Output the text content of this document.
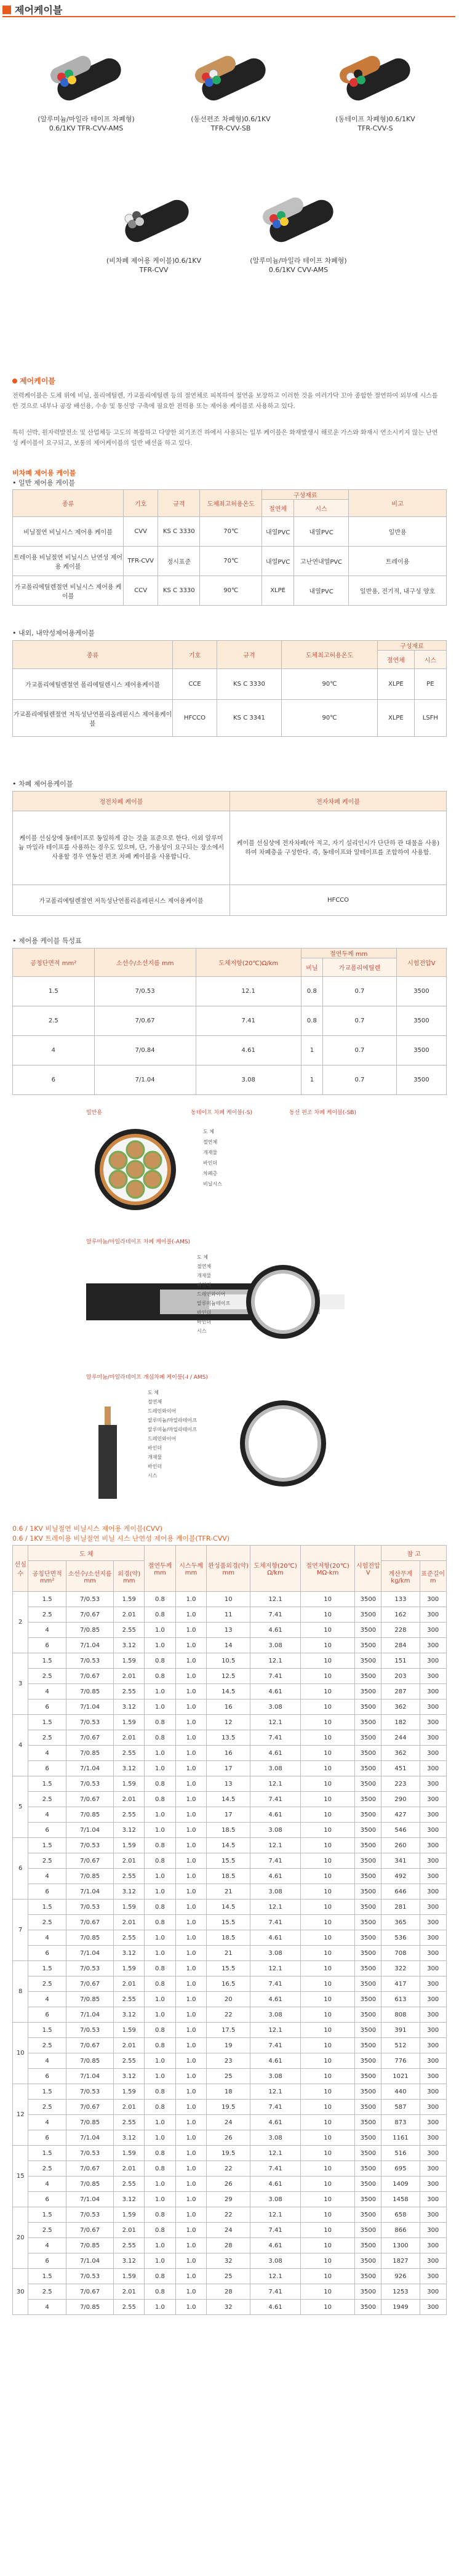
제어케이블
(알루미늄/마일라 테이프 차폐형)
0.6/1KV TFR-CVV-AMS
(동선편조 차폐형)0.6/1KV
TFR-CVV-SB
(동테이프 차폐형)0.6/1KV
TFR-CVV-S
(비차폐 제어용 케이블)0.6/1KV
TFR-CVV
(알루미늄/마일라 테이프 차폐형)
0.6/1KV CVV-AMS
제어케이블
전력케이블은 도체 위에 비닐, 폴리에틸렌, 가교폴리에틸렌 등의 절연체로 피복하여 절연을 보장하고 이러한 것을 여러가닥 꼬아 종합한 절연하여 외부에 시스를 한 것으로 내부나 공장 배선용, 수송 및 통신망 구축에 필요한 전력용 또는 제어용 케이블로 사용하고 있다.
특히 선박, 원자력발전소 및 산업체등 고도의 복잡하고 다양한 외기조건 하에서 사용되는 일부 케이블은 화재발생시 해로운 가스와 화재시 연소시키지 않는 난연성 케이블이 요구되고, 보통의 제어케이블의 일반 배선을 하고 있다.
비차폐 제어용 케이블
• 일반 제어용 케이블
종류	기호	규격	도체최고허용온도	구성재료		비고
				절연체	시스	
비닐절연 비닐시스 제어용 케이블	CVV	KS C 3330	70℃	내열PVC	내열PVC	일반용
트레이용 비닐절연 비닐시스 난연성 제어용 케이블	TFR-CVV	정시표준	70℃	내열PVC	고난연내열PVC	트레이용
가교폴리에틸렌절연 비닐시스 제어용 케이블	CCV	KS C 3330	90℃	XLPE	내열PVC	일반용, 전기적, 내구성 양호
• 내외, 내약성제어용케이블
종류	기호	규격	도체최고허용온도	구성재료	
				절연체	시스
가교폴리에틸렌절연 폴리에틸렌시스 제어용케이블	CCE	KS C 3330	90℃	XLPE	PE
가교폴리에틸렌절연 저독성난연폴리올레핀시스 제어용케이블	HFCCO	KS C 3341	90℃	XLPE	LSFH
• 차폐 제어용케이블
정전차폐 케이블	전자차폐 케이블
케이블 선심상에 동테이프로 동일하게 감는 것을 표준으로 한다. 이외 알루미늄 마일라 테이프를 사용하는 경우도 있으며, 단, 가용성이 요구되는 장소에서 사용할 경우 연동선 편조 차폐 케이블을 사용합니다.	케이블 선심상에 전자차폐(아 적고, 자기 설리인시가 단단하 관 대물을 사용)하여 차폐층을 구성한다. 즉, 동테이프와 알테이프를 조합하여 사용함.
가교폴리에틸렌절연 저독성난연폴리올레핀시스 제어용케이블	HFCCO
• 제어용 케이블 특성표
공칭단면적 mm²	소선수/소선지름 mm	도체저항(20℃)Ω/km	절연두께 mm		시험전압V
			비닐	가교폴리에틸렌	
1.5	7/0.53	12.1	0.8	0.7	3500
2.5	7/0.67	7.41	0.8	0.7	3500
4	7/0.84	4.61	1	0.7	3500
6	7/1.04	3.08	1	0.7	3500
일반용	동테이프 차폐 케이블(-S)	동선 편조 차폐 케이블(-SB)
도 체
절연체
개재물
바인더
차폐층
비닐시스
알루미늄/마일라테이프 차폐 케이블(-AMS)
도 체
절연체
개재물
바인더
드레인와이어
알루미늄테이프
바인더
바인더
시스
알루미늄/마일라테이프 개심차폐 케이블(-I / AMS)
도 체
절연체
드레인와이어
알루미늄/마일라테이프
알루미늄/마일라테이프
드레인와이어
바인더
개재물
바인더
시스
0.6 / 1KV 비닐절연 비닐시스 제어용 케이블(CVV)
0.6 / 1KV 트레이용 비닐절연 비닐 시스 난연성 제어용 케이블(TFR-CVV)
선심수	도 체			절연두께 mm	시스두께 mm	완성품외경(약) mm	도체저항(20℃) Ω/km	절연저항(20℃) MΩ-km	시험전압 V	참 고	
	공칭단면적 mm²	소선수/소선지름 mm	외경(약) mm							계산무게 kg/km	표준길이 m
2	1.5	7/0.53	1.59	0.8	1.0	10	12.1	10	3500	133	300
	2.5	7/0.67	2.01	0.8	1.0	11	7.41	10	3500	162	300
	4	7/0.85	2.55	1.0	1.0	13	4.61	10	3500	228	300
	6	7/1.04	3.12	1.0	1.0	14	3.08	10	3500	284	300
3	1.5	7/0.53	1.59	0.8	1.0	10.5	12.1	10	3500	151	300
	2.5	7/0.67	2.01	0.8	1.0	12.5	7.41	10	3500	203	300
	4	7/0.85	2.55	1.0	1.0	14.5	4.61	10	3500	287	300
	6	7/1.04	3.12	1.0	1.0	16	3.08	10	3500	362	300
4	1.5	7/0.53	1.59	0.8	1.0	12	12.1	10	3500	182	300
	2.5	7/0.67	2.01	0.8	1.0	13.5	7.41	10	3500	244	300
	4	7/0.85	2.55	1.0	1.0	16	4.61	10	3500	362	300
	6	7/1.04	3.12	1.0	1.0	17	3.08	10	3500	451	300
5	1.5	7/0.53	1.59	0.8	1.0	13	12.1	10	3500	223	300
	2.5	7/0.67	2.01	0.8	1.0	14.5	7.41	10	3500	290	300
	4	7/0.85	2.55	1.0	1.0	17	4.61	10	3500	427	300
	6	7/1.04	3.12	1.0	1.0	18.5	3.08	10	3500	546	300
6	1.5	7/0.53	1.59	0.8	1.0	14.5	12.1	10	3500	260	300
	2.5	7/0.67	2.01	0.8	1.0	15.5	7.41	10	3500	341	300
	4	7/0.85	2.55	1.0	1.0	18.5	4.61	10	3500	492	300
	6	7/1.04	3.12	1.0	1.0	21	3.08	10	3500	646	300
7	1.5	7/0.53	1.59	0.8	1.0	14.5	12.1	10	3500	281	300
	2.5	7/0.67	2.01	0.8	1.0	15.5	7.41	10	3500	365	300
	4	7/0.85	2.55	1.0	1.0	18.5	4.61	10	3500	536	300
	6	7/1.04	3.12	1.0	1.0	21	3.08	10	3500	708	300
8	1.5	7/0.53	1.59	0.8	1.0	15.5	12.1	10	3500	322	300
	2.5	7/0.67	2.01	0.8	1.0	16.5	7.41	10	3500	417	300
	4	7/0.85	2.55	1.0	1.0	20	4.61	10	3500	613	300
	6	7/1.04	3.12	1.0	1.0	22	3.08	10	3500	808	300
10	1.5	7/0.53	1.59	0.8	1.0	17.5	12.1	10	3500	391	300
	2.5	7/0.67	2.01	0.8	1.0	19	7.41	10	3500	512	300
	4	7/0.85	2.55	1.0	1.0	23	4.61	10	3500	776	300
	6	7/1.04	3.12	1.0	1.0	25	3.08	10	3500	1021	300
12	1.5	7/0.53	1.59	0.8	1.0	18	12.1	10	3500	440	300
	2.5	7/0.67	2.01	0.8	1.0	19.5	7.41	10	3500	587	300
	4	7/0.85	2.55	1.0	1.0	24	4.61	10	3500	873	300
	6	7/1.04	3.12	1.0	1.0	26	3.08	10	3500	1161	300
15	1.5	7/0.53	1.59	0.8	1.0	19.5	12.1	10	3500	516	300
	2.5	7/0.67	2.01	0.8	1.0	22	7.41	10	3500	695	300
	4	7/0.85	2.55	1.0	1.0	26	4.61	10	3500	1409	300
	6	7/1.04	3.12	1.0	1.0	29	3.08	10	3500	1458	300
20	1.5	7/0.53	1.59	0.8	1.0	22	12.1	10	3500	658	300
	2.5	7/0.67	2.01	0.8	1.0	24	7.41	10	3500	866	300
	4	7/0.85	2.55	1.0	1.0	28	4.61	10	3500	1300	300
	6	7/1.04	3.12	1.0	1.0	32	3.08	10	3500	1827	300
30	1.5	7/0.53	1.59	0.8	1.0	25	12.1	10	3500	926	300
	2.5	7/0.67	2.01	0.8	1.0	28	7.41	10	3500	1253	300
	4	7/0.85	2.55	1.0	1.0	32	4.61	10	3500	1949	300
